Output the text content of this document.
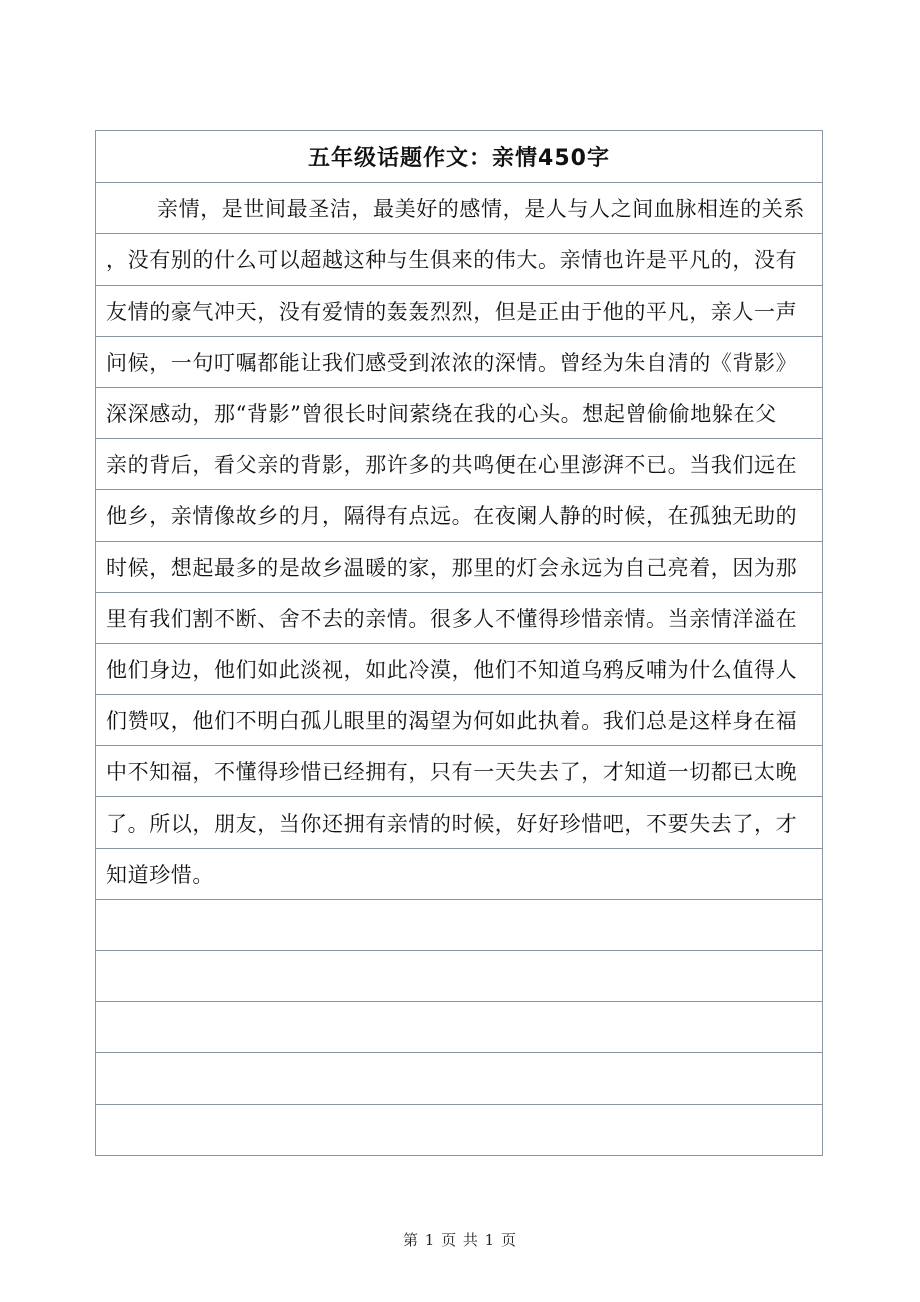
五年级话题作文：亲情450字
亲情，是世间最圣洁，最美好的感情，是人与人之间血脉相连的关系
，没有别的什么可以超越这种与生俱来的伟大。亲情也许是平凡的，没有
友情的豪气冲天，没有爱情的轰轰烈烈，但是正由于他的平凡，亲人一声
问候，一句叮嘱都能让我们感受到浓浓的深情。曾经为朱自清的《背影》
深深感动，那“背影”曾很长时间萦绕在我的心头。想起曾偷偷地躲在父
亲的背后，看父亲的背影，那许多的共鸣便在心里澎湃不已。当我们远在
他乡，亲情像故乡的月，隔得有点远。在夜阑人静的时候，在孤独无助的
时候，想起最多的是故乡温暖的家，那里的灯会永远为自己亮着，因为那
里有我们割不断、舍不去的亲情。很多人不懂得珍惜亲情。当亲情洋溢在
他们身边，他们如此淡视，如此冷漠，他们不知道乌鸦反哺为什么值得人
们赞叹，他们不明白孤儿眼里的渴望为何如此执着。我们总是这样身在福
中不知福，不懂得珍惜已经拥有，只有一天失去了，才知道一切都已太晚
了。所以，朋友，当你还拥有亲情的时候，好好珍惜吧，不要失去了，才
知道珍惜。
第 1 页 共 1 页
